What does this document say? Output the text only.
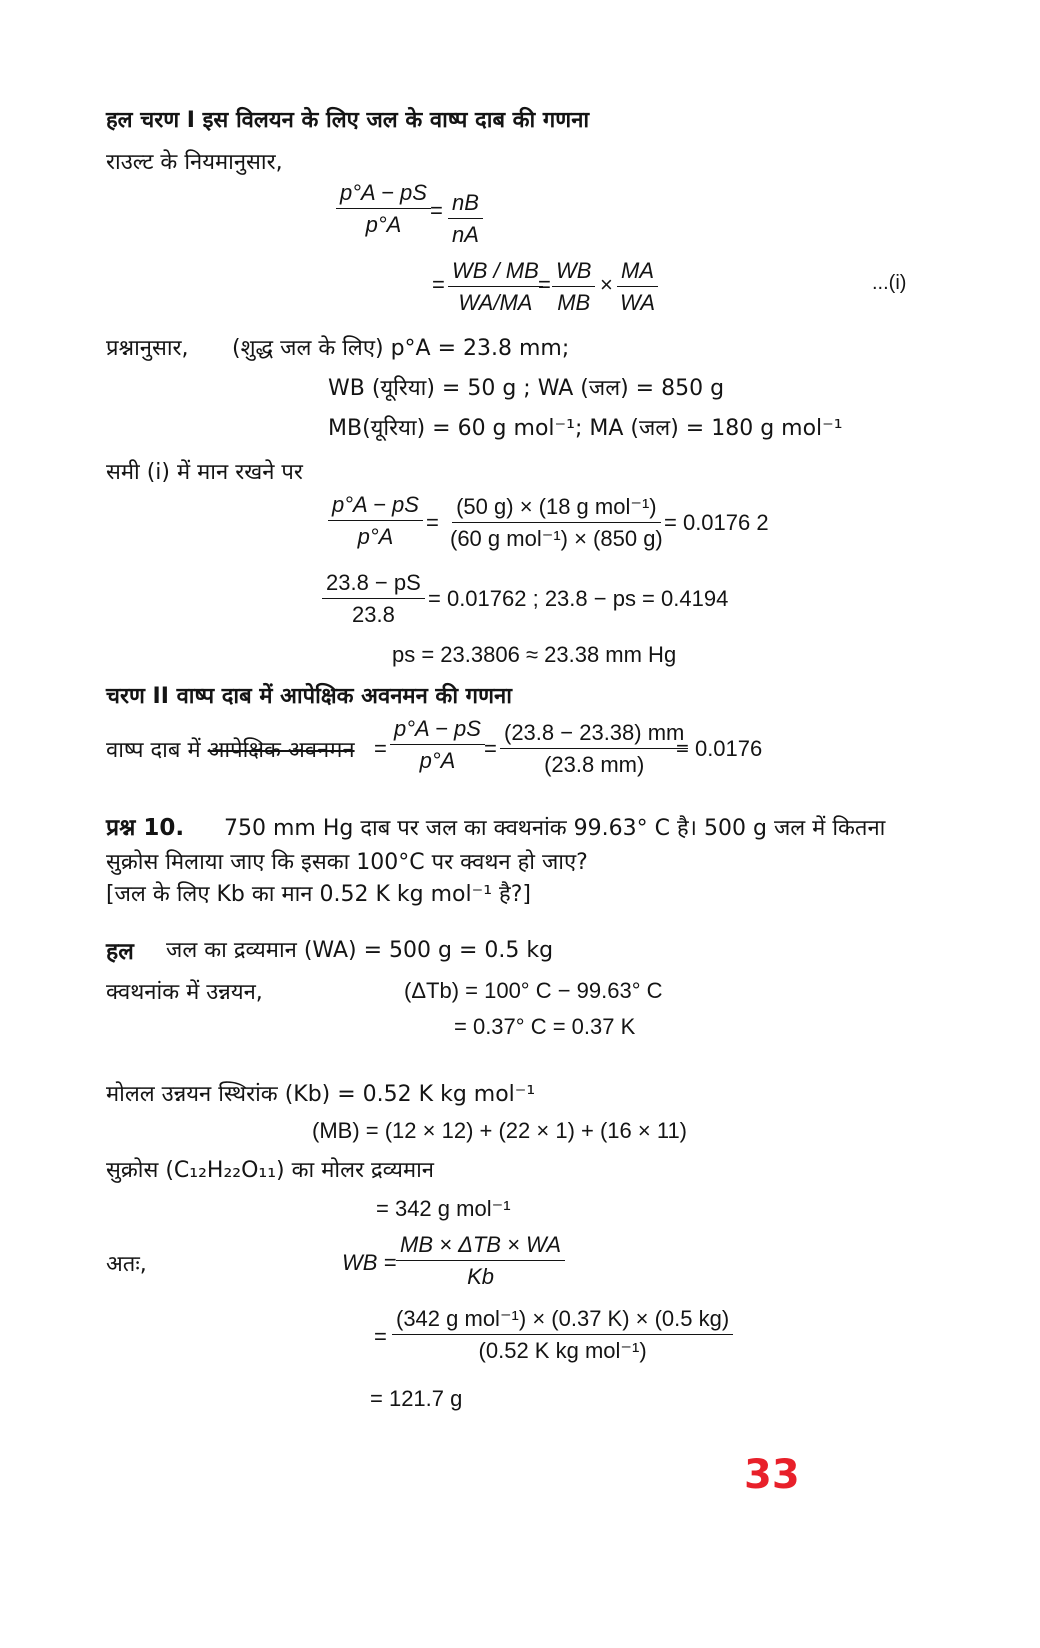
हल चरण I इस विलयन के लिए जल के वाष्प दाब की गणना
राउल्ट के नियमानुसार,
$\frac{p^\circ A - pS}{p^\circ A} = \frac{nB}{nA}$
= $\frac{WB / MB}{WA/MA}$
= $\frac{WB}{MB} \times \frac{MA}{WA}$	...(i)
प्रश्नानुसार, (शुद्ध जल के लिए) p°A = 23.8 mm;
WB (यूरिया) = 50 g ; WA (जल) = 850 g
MB(यूरिया) = 60 g mol⁻¹; MA (जल) = 180 g mol⁻¹
समी (i) में मान रखने पर
$\frac{p^\circ A - pS}{p^\circ A}$ =
(50 g) × (18 g mol⁻¹)
(60 g mol⁻¹) × (850 g)
= 0.0176 2
$\frac{23.8 - pS}{23.8} = 0.01762$ ; 23.8 − ps = 0.4194
ps = 23.3806 ≈ 23.38 mm Hg
चरण II वाष्प दाब में आपेक्षिक अवनमन की गणना
वाष्प दाब में आपेक्षिक अवनमन = $\frac{p^\circ A - pS}{p^\circ A} = \frac{(23.8 - 23.38) mm}{(23.8 mm)}$
= 0.0176
प्रश्न 10. 750 mm Hg दाब पर जल का क्वथनांक 99.63° C है। 500 g जल में कितना
सुक्रोस मिलाया जाए कि इसका 100°C पर क्वथन हो जाए?
[जल के लिए Kb का मान 0.52 K kg mol⁻¹ है?]
हल जल का द्रव्यमान (WA) = 500 g = 0.5 kg
क्वथनांक में उन्नयन,	(ΔTb) = 100° C − 99.63° C
= 0.37° C = 0.37 K
मोलल उन्नयन स्थिरांक (Kb) = 0.52 K kg mol⁻¹
(MB) = (12 × 12) + (22 × 1) + (16 × 11)
सुक्रोस (C₁₂H₂₂O₁₁) का मोलर द्रव्यमान
= 342 g mol⁻¹
अतः,	WB =
MB × ΔTB × WA
Kb
=
(342 g mol⁻¹) × (0.37 K) × (0.5 kg)
(0.52 K kg mol⁻¹)
= 121.7 g
33
